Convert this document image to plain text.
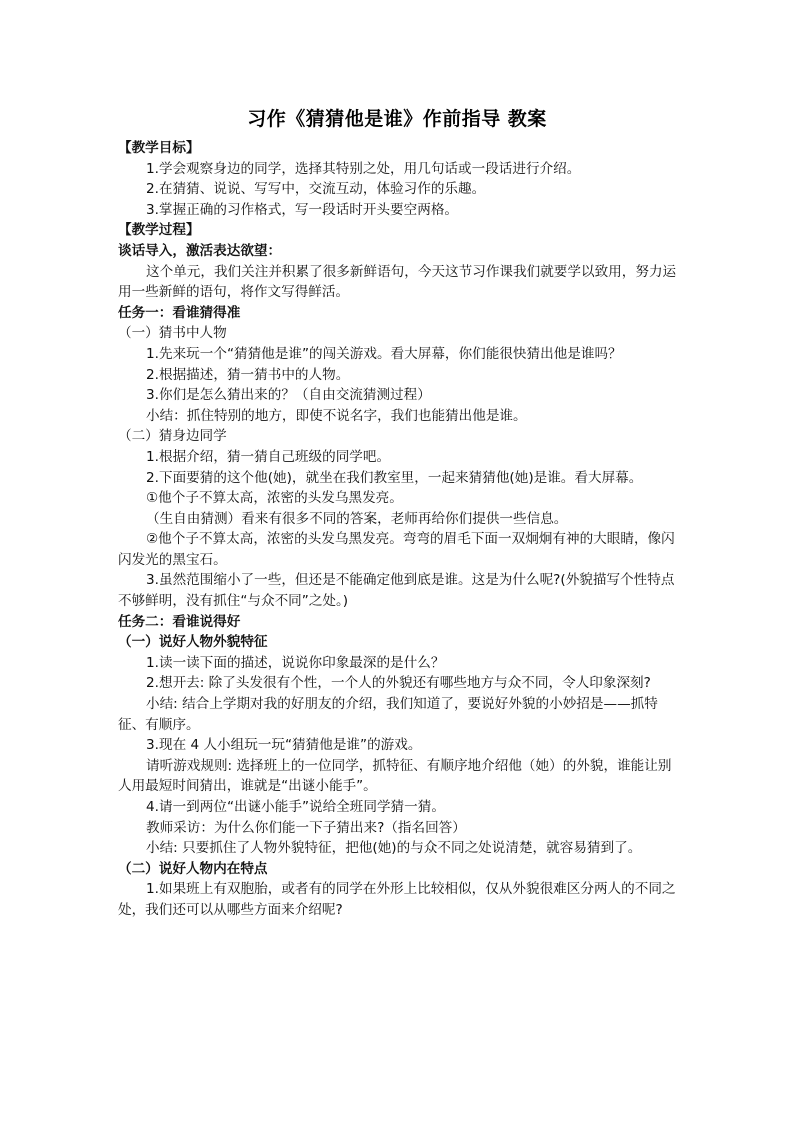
习作《猜猜他是谁》作前指导 教案

【教学目标】

1.学会观察身边的同学，选择其特别之处，用几句话或一段话进行介绍。

2.在猜猜、说说、写写中，交流互动，体验习作的乐趣。

3.掌握正确的习作格式，写一段话时开头要空两格。

【教学过程】

谈话导入，激活表达欲望：

这个单元，我们关注并积累了很多新鲜语句，今天这节习作课我们就要学以致用，努力运用一些新鲜的语句，将作文写得鲜活。

任务一：看谁猜得准

（一）猜书中人物

1.先来玩一个“猜猜他是谁”的闯关游戏。看大屏幕，你们能很快猜出他是谁吗？

2.根据描述，猜一猜书中的人物。

3.你们是怎么猜出来的？（自由交流猜测过程）

小结：抓住特别的地方，即使不说名字，我们也能猜出他是谁。

（二）猜身边同学

1.根据介绍，猜一猜自己班级的同学吧。

2.下面要猜的这个他(她)，就坐在我们教室里，一起来猜猜他(她)是谁。看大屏幕。

①他个子不算太高，浓密的头发乌黑发亮。

（生自由猜测）看来有很多不同的答案，老师再给你们提供一些信息。

②他个子不算太高，浓密的头发乌黑发亮。弯弯的眉毛下面一双炯炯有神的大眼睛，像闪闪发光的黑宝石。

3.虽然范围缩小了一些，但还是不能确定他到底是谁。这是为什么呢?(外貌描写个性特点不够鲜明，没有抓住“与众不同”之处。)

任务二：看谁说得好

（一）说好人物外貌特征

1.读一读下面的描述，说说你印象最深的是什么？

2.想开去: 除了头发很有个性，一个人的外貌还有哪些地方与众不同，令人印象深刻?

小结: 结合上学期对我的好朋友的介绍，我们知道了，要说好外貌的小妙招是——抓特征、有顺序。

3.现在 4 人小组玩一玩“猜猜他是谁”的游戏。

请听游戏规则: 选择班上的一位同学，抓特征、有顺序地介绍他（她）的外貌，谁能让别人用最短时间猜出，谁就是“出谜小能手”。

4.请一到两位“出谜小能手”说给全班同学猜一猜。

教师采访：为什么你们能一下子猜出来?（指名回答）

小结: 只要抓住了人物外貌特征，把他(她)的与众不同之处说清楚，就容易猜到了。

（二）说好人物内在特点

1.如果班上有双胞胎，或者有的同学在外形上比较相似，仅从外貌很难区分两人的不同之处，我们还可以从哪些方面来介绍呢?
